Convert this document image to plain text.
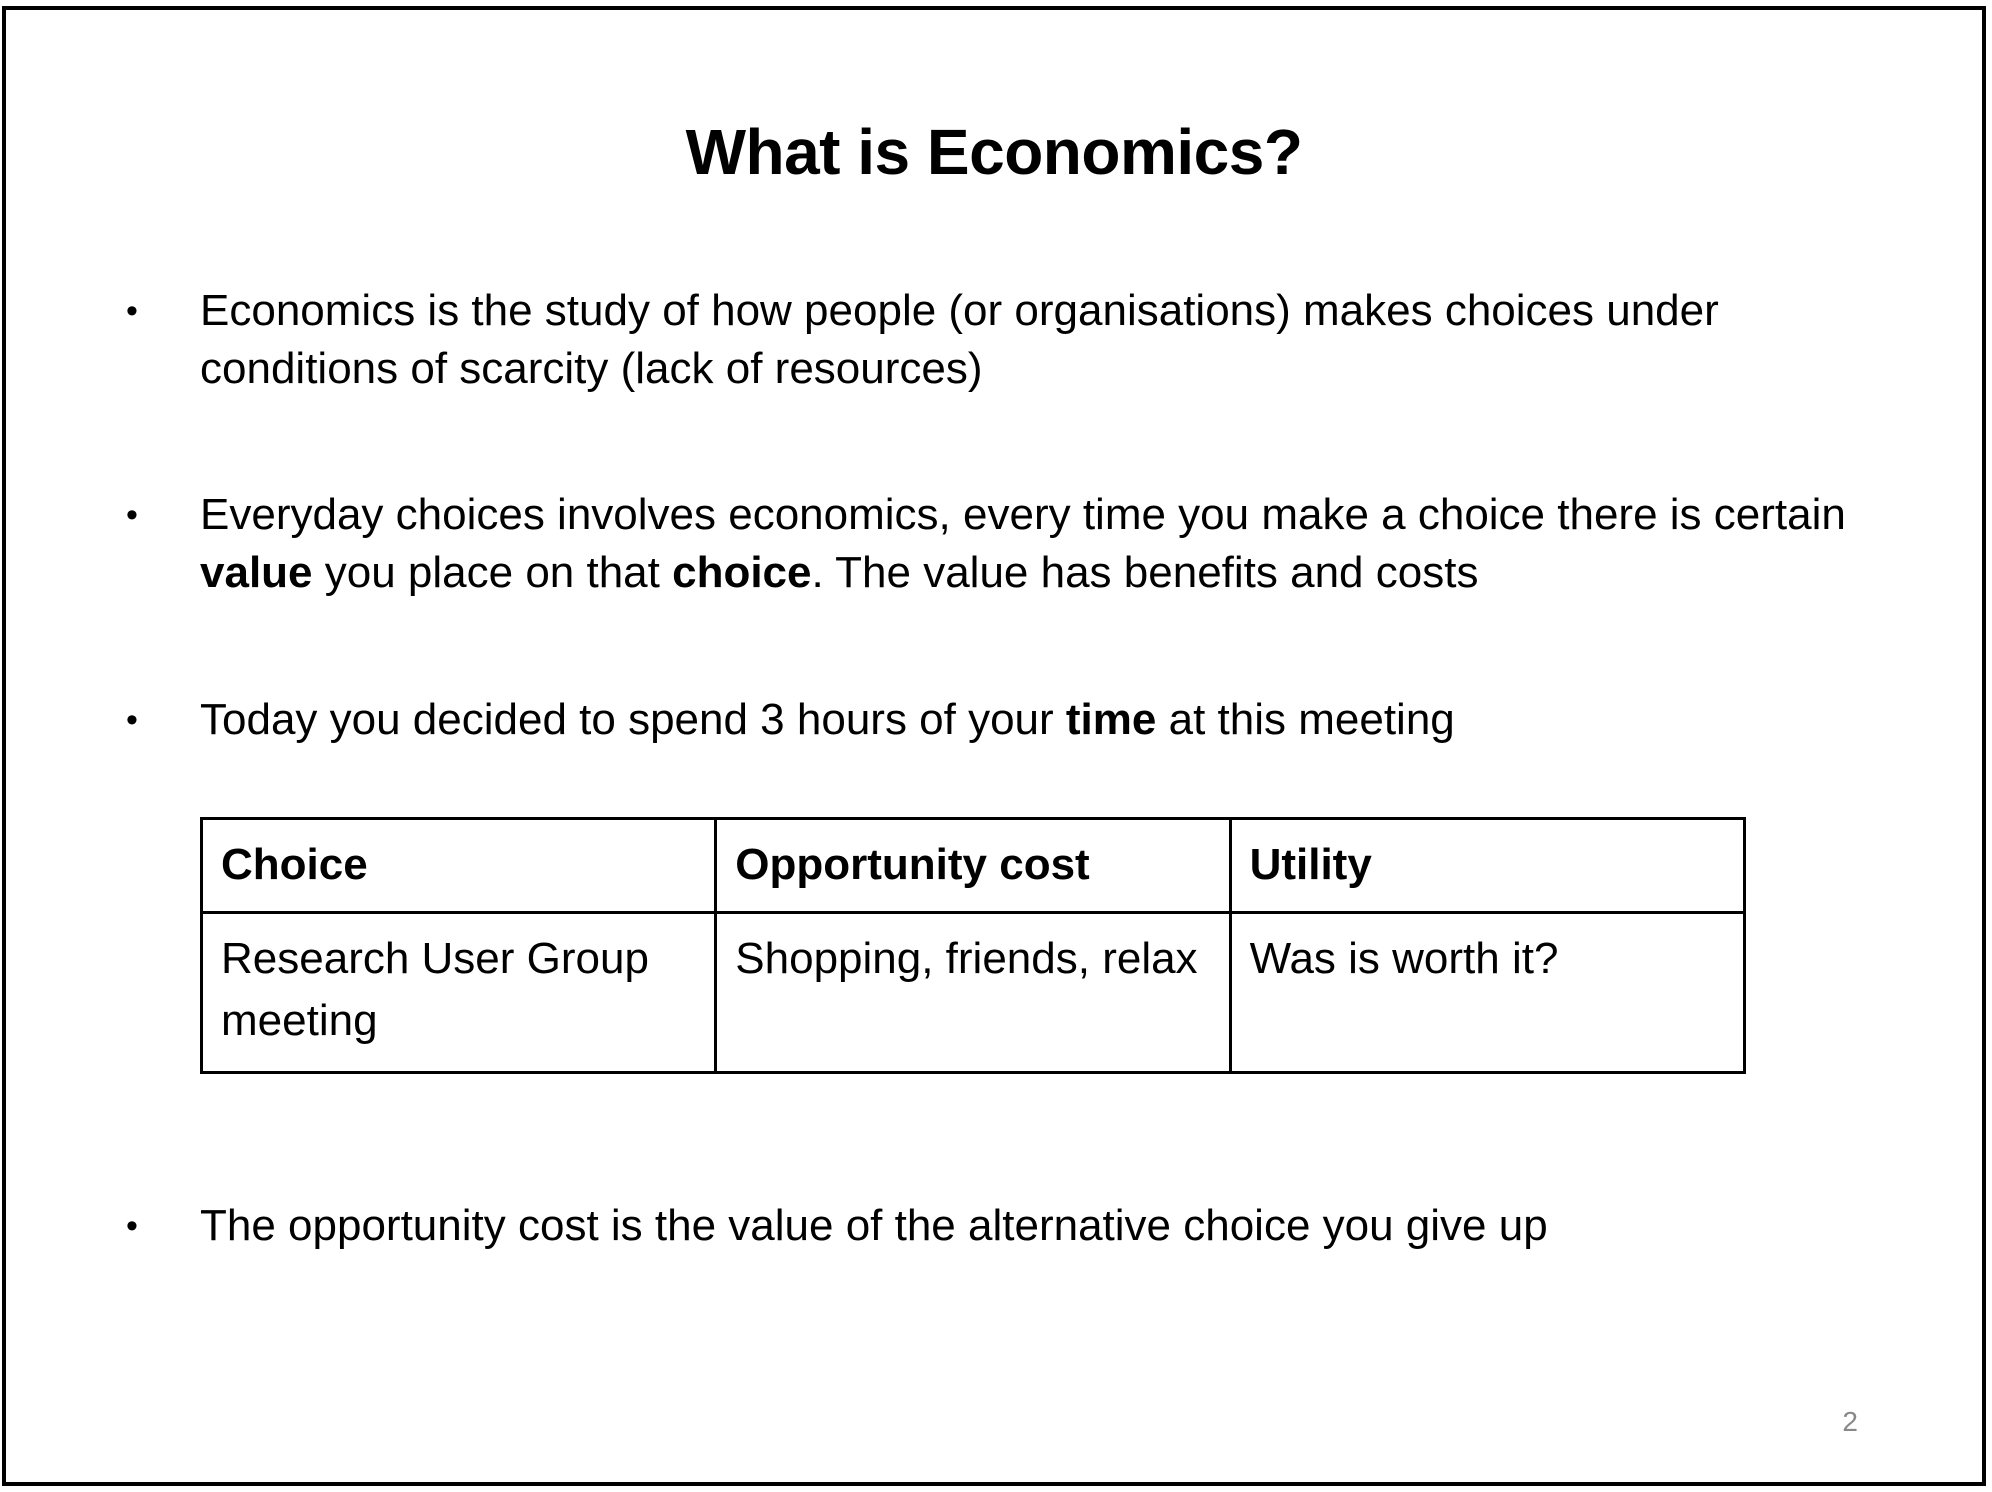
What is Economics?
•	Economics is the study of how people (or organisations) makes choices under conditions of scarcity (lack of resources)
•	Everyday choices involves economics, every time you make a choice there is certain value you place on that choice. The value has benefits and costs
•	Today you decided to spend 3 hours of your time at this meeting
Choice	Opportunity cost	Utility
Research User Group meeting	Shopping, friends, relax	Was is worth it?
•	The opportunity cost is the value of the alternative choice you give up
2
